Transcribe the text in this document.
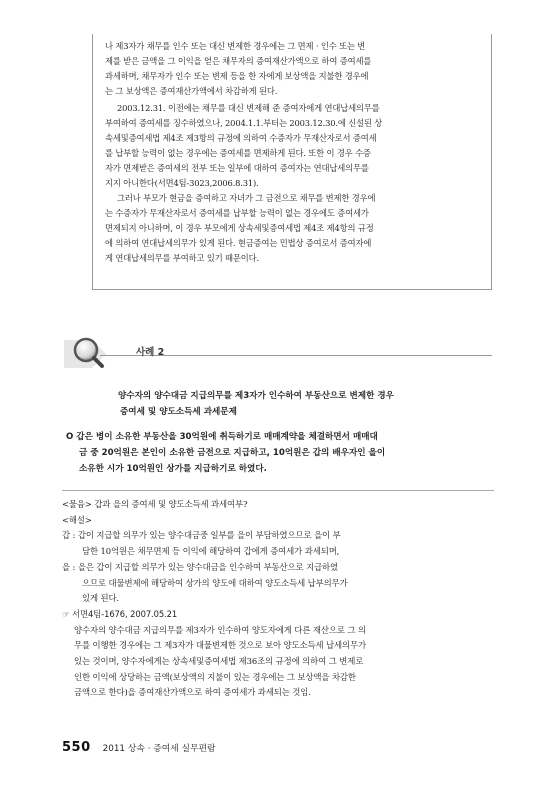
나 제3자가 채무를 인수 또는 대신 변제한 경우에는 그 면제 · 인수 또는 변
제를 받은 금액을 그 이익을 얻은 채무자의 증여재산가액으로 하여 증여세를
과세하며, 채무자가 인수 또는 변제 등을 한 자에게 보상액을 지불한 경우에
는 그 보상액은 증여재산가액에서 차감하게 된다.

2003.12.31. 이전에는 채무를 대신 변제해 준 증여자에게 연대납세의무를
부여하여 증여세를 징수하였으나, 2004.1.1.부터는 2003.12.30.에 신설된 상
속세및증여세법 제4조 제3항의 규정에 의하여 수증자가 무재산자로서 증여세
를 납부할 능력이 없는 경우에는 증여세를 면제하게 된다. 또한 이 경우 수증
자가 면제받은 증여세의 전부 또는 일부에 대하여 증여자는 연대납세의무를
지지 아니한다(서면4팀-3023,2006.8.31).

그러나 부모가 현금을 증여하고 자녀가 그 금전으로 채무를 변제한 경우에
는 수증자가 무재산자로서 증여세를 납부할 능력이 없는 경우에도 증여세가
면제되지 아니하며, 이 경우 부모에게 상속세및증여세법 제4조 제4항의 규정
에 의하여 연대납세의무가 있게 된다. 현금증여는 민법상 증여로서 증여자에
게 연대납세의무를 부여하고 있기 때문이다.

사례 2
양수자의 양수대금 지급의무를 제3자가 인수하여 부동산으로 변제한 경우
증여세 및 양도소득세 과세문제
O 갑은 병이 소유한 부동산을 30억원에 취득하기로 매매계약을 체결하면서 매매대
금 중 20억원은 본인이 소유한 금전으로 지급하고, 10억원은 갑의 배우자인 을이
소유한 시가 10억원인 상가를 지급하기로 하였다.
<물음> 갑과 을의 증여세 및 양도소득세 과세여부?
<해설>
갑 : 갑이 지급할 의무가 있는 양수대금중 일부를 을이 부담하였으므로 을이 부
담한 10억원은 채무면제 등 이익에 해당하여 갑에게 증여세가 과세되며,
을 : 을은 갑이 지급할 의무가 있는 양수대금을 인수하여 부동산으로 지급하였
으므로 대물변제에 해당하여 상가의 양도에 대하여 양도소득세 납부의무가
있게 된다.
☞ 서면4팀-1676, 2007.05.21
양수자의 양수대금 지급의무를 제3자가 인수하여 양도자에게 다른 재산으로 그 의
무를 이행한 경우에는 그 제3자가 대물변제한 것으로 보아 양도소득세 납세의무가
있는 것이며, 양수자에게는 상속세및증여세법 제36조의 규정에 의하여 그 변제로
인한 이익에 상당하는 금액(보상액의 지불이 있는 경우에는 그 보상액을 차감한
금액으로 한다)을 증여재산가액으로 하여 증여세가 과세되는 것임.
550 2011 상속 · 증여세 실무편람
